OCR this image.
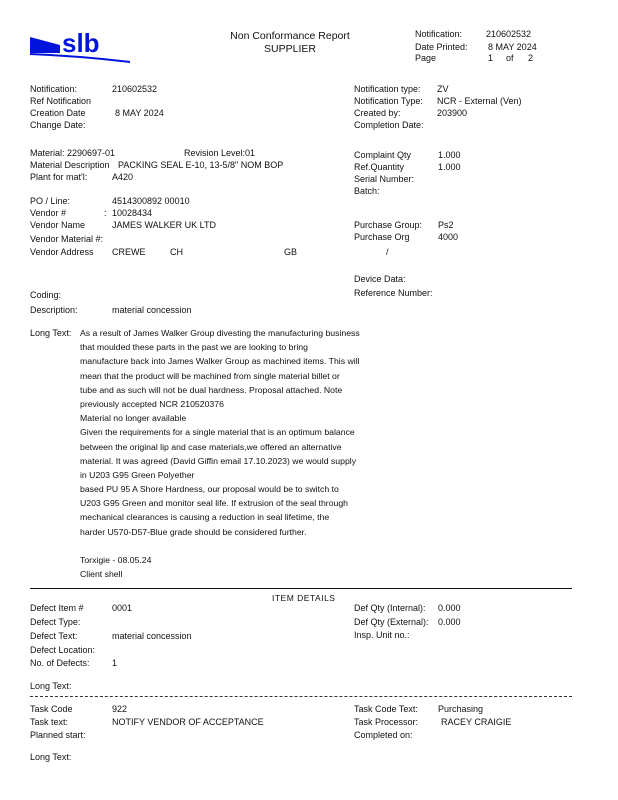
slb	Non Conformance Report
SUPPLIER
Notification:	210602532
Date Printed: 8 MAY 2024
Page	1 of 2
Notification:	210602532
Ref Notification
Creation Date	8 MAY 2024
Change Date:
Notification type: ZV
Notification Type: NCR - External (Ven)
Created by:	203900
Completion Date:
Material: 2290697-01	Revision Level:01
Material Description PACKING SEAL E-10, 13-5/8" NOM BOP
Plant for mat'l:	A420
Complaint Qty	1.000
Ref.Quantity	1.000
Serial Number:
Batch:
PO / Line:	4514300892 00010
Vendor #	: 10028434
Vendor Name	JAMES WALKER UK LTD
Vendor Material #:
Vendor Address CREWE	CH	GB	/
Purchase Group: Ps2
Purchase Org	4000
Device Data:
Reference Number:
Coding:
Description:	material concession
Long Text: As a result of James Walker Group divesting the manufacturing business
that moulded these parts in the past we are looking to bring
manufacture back into James Walker Group as machined items. This will
mean that the product will be machined from single material billet or
tube and as such will not be dual hardness. Proposal attached. Note
previously accepted NCR 210520376
Material no longer available
Given the requirements for a single material that is an optimum balance
between the original lip and case materials,we offered an alternative
material. It was agreed (David Giffin email 17.10.2023) we would supply
in U203 G95 Green Polyether
based PU 95 A Shore Hardness, our proposal would be to switch to
U203 G95 Green and monitor seal life. If extrusion of the seal through
mechanical clearances is causing a reduction in seal lifetime, the
harder U570-D57-Blue grade should be considered further.
Torxigie - 08.05.24
Client shell
ITEM DETAILS
Defect Item #	0001
Defect Type:
Defect Text:	material concession
Defect Location:
No. of Defects: 1
Def Qty (Internal): 0.000
Def Qty (External): 0.000
Insp. Unit no.:
Long Text:
Task Code	922
Task text:	NOTIFY VENDOR OF ACCEPTANCE
Planned start:
Task Code Text: Purchasing
Task Processor:	RACEY CRAIGIE
Completed on:
Long Text:
